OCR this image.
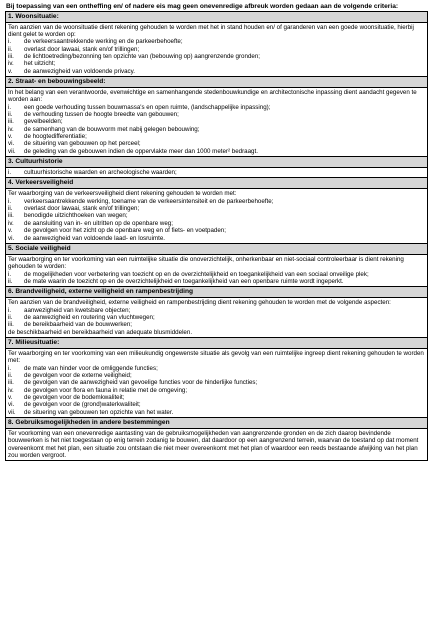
Bij toepassing van een ontheffing en/ of nadere eis mag geen onevenredige afbreuk worden gedaan aan de volgende criteria:
1. Woonsituatie:

Ten aanzien van de woonsituatie dient rekening gehouden te worden met het in stand houden en/ of garanderen van een goede woonsituatie, hierbij dient gelet te worden op:
i.	de verkeersaantrekkende werking en de parkeerbehoefte;
ii.	overlast door lawaai, stank en/of trillingen;
iii.	de lichttoetreding/bezonning ten opzichte van (bebouwing op) aangrenzende gronden;
iv.	het uitzicht;
v.	de aanwezigheid van voldoende privacy.

2. Straat- en bebouwingsbeeld:

In het belang van een verantwoorde, evenwichtige en samenhangende stedenbouwkundige en architectonische inpassing dient aandacht gegeven te worden aan:
i.	een goede verhouding tussen bouwmassa's en open ruimte, (landschappelijke inpassing);
ii.	de verhouding tussen de hoogte breedte van gebouwen;
iii.	gevelbeelden;
iv.	de samenhang van de bouwvorm met nabij gelegen bebouwing;
v.	de hoogtedifferentiatie;
vi.	de situering van gebouwen op het perceel;
vii.	de geleding van de gebouwen indien de oppervlakte meer dan 1000 meter² bedraagt.

3. Cultuurhistorie

i.	cultuurhistorische waarden en archeologische waarden;

4. Verkeersveiligheid

Ter waarborging van de verkeersveiligheid dient rekening gehouden te worden met:
i.	verkeersaantrekkende werking, toename van de verkeersintensiteit en de parkeerbehoefte;
ii.	overlast door lawaai, stank en/of trillingen;
iii.	benodigde uitzichthoeken van wegen;
iv.	de aansluiting van in- en uitritten op de openbare weg;
v.	de gevolgen voor het zicht op de openbare weg en of fiets- en voetpaden;
vi.	de aanwezigheid van voldoende laad- en losruimte.

5. Sociale veiligheid

Ter waarborging en ter voorkoming van een ruimtelijke situatie die onoverzichtelijk, onherkenbaar en niet-sociaal controleerbaar is dient rekening gehouden te worden:
i.	de mogelijkheden voor verbetering van toezicht op en de overzichtelijkheid en toegankelijkheid van een sociaal onveilige plek;
ii.	de mate waarin de toezicht op en de overzichtelijkheid en toegankelijkheid van een openbare ruimte wordt ingeperkt.

6. Brandveiligheid, externe veiligheid en rampenbestrijding

Ten aanzien van de brandveiligheid, externe veiligheid en rampenbestrijding dient rekening gehouden te worden met de volgende aspecten:
i.	aanwezigheid van kwetsbare objecten;
ii.	de aanwezigheid en routering van vluchtwegen;
iii.	de bereikbaarheid van de bouwwerken;
de beschikbaarheid en bereikbaarheid van adequate blusmiddelen.

7. Milieusituatie:

Ter waarborging en ter voorkoming van een milieukundig ongewenste situatie als gevolg van een ruimtelijke ingreep dient rekening gehouden te worden met:
i.	de mate van hinder voor de omliggende functies;
ii.	de gevolgen voor de externe veiligheid;
iii.	de gevolgen van de aanwezigheid van gevoelige functies voor de hinderlijke functies;
iv.	de gevolgen voor flora en fauna in relatie met de omgeving;
v.	de gevolgen voor de bodemkwaliteit;
vi.	de gevolgen voor de (grond)waterkwaliteit;
vii.	de situering van gebouwen ten opzichte van het water.

8. Gebruiksmogelijkheden in andere bestemmingen

Ter voorkoming van een onevenredige aantasting van de gebruiksmogelijkheden van aangrenzende gronden en de zich daarop bevindende bouwwerken is het niet toegestaan op enig terrein zodanig te bouwen, dat daardoor op een aangrenzend terrein, waarvan de toestand op dat moment overeenkomt met het plan, een situatie zou ontstaan die niet meer overeenkomt met het plan of waardoor een reeds bestaande afwijking van het plan zou worden vergroot.
